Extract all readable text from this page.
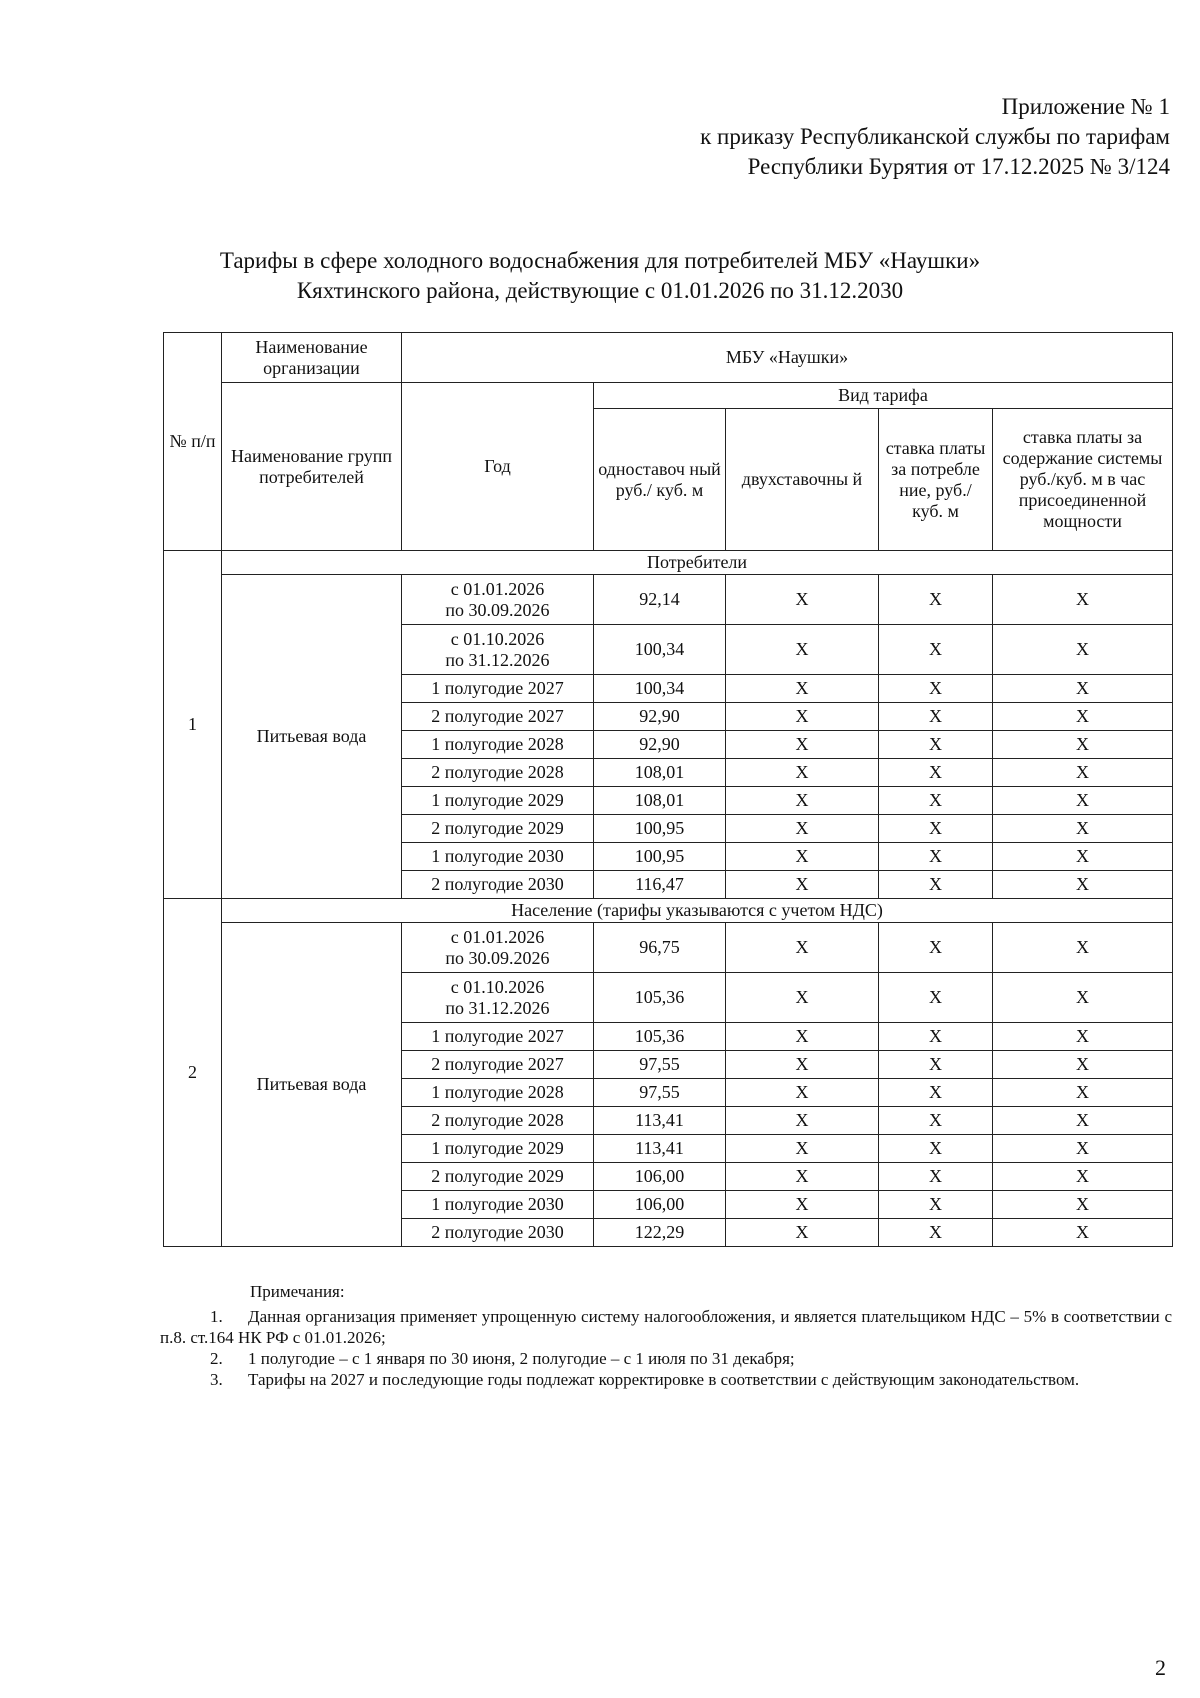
Приложение № 1
к приказу Республиканской службы по тарифам
Республики Бурятия от 17.12.2025 № 3/124
Тарифы в сфере холодного водоснабжения для потребителей МБУ «Наушки»
Кяхтинского района, действующие с 01.01.2026 по 31.12.2030
№ п/п	Наименование организации	МБУ «Наушки»				
	Наименование групп потребителей	Год	Вид тарифа			
			одноставоч ный руб./ куб. м	двухставочны й	ставка платы за потребле ние, руб./ куб. м	ставка платы за содержание системы руб./куб. м в час присоединенной мощности
1	Потребители					
	Питьевая вода	с 01.01.2026
по 30.09.2026	92,14	X	X	X

		с 01.10.2026
по 31.12.2026	100,34	X	X	X

		1 полугодие 2027	100,34	X	X	X

		2 полугодие 2027	92,90	X	X	X

		1 полугодие 2028	92,90	X	X	X

		2 полугодие 2028	108,01	X	X	X

		1 полугодие 2029	108,01	X	X	X

		2 полугодие 2029	100,95	X	X	X

		1 полугодие 2030	100,95	X	X	X

		2 полугодие 2030	116,47	X	X	X
2	Население (тарифы указываются с учетом НДС)					
	Питьевая вода	с 01.01.2026
по 30.09.2026	96,75	X	X	X

		с 01.10.2026
по 31.12.2026	105,36	X	X	X

		1 полугодие 2027	105,36	X	X	X

		2 полугодие 2027	97,55	X	X	X

		1 полугодие 2028	97,55	X	X	X

		2 полугодие 2028	113,41	X	X	X

		1 полугодие 2029	113,41	X	X	X

		2 полугодие 2029	106,00	X	X	X

		1 полугодие 2030	106,00	X	X	X

		2 полугодие 2030	122,29	X	X	X

Примечания:

1. Данная организация применяет упрощенную систему налогообложения, и является плательщиком НДС – 5% в соответствии с п.8. ст.164 НК РФ с 01.01.2026;

2. 1 полугодие – с 1 января по 30 июня, 2 полугодие – с 1 июля по 31 декабря;

3. Тарифы на 2027 и последующие годы подлежат корректировке в соответствии с действующим законодательством.

2
